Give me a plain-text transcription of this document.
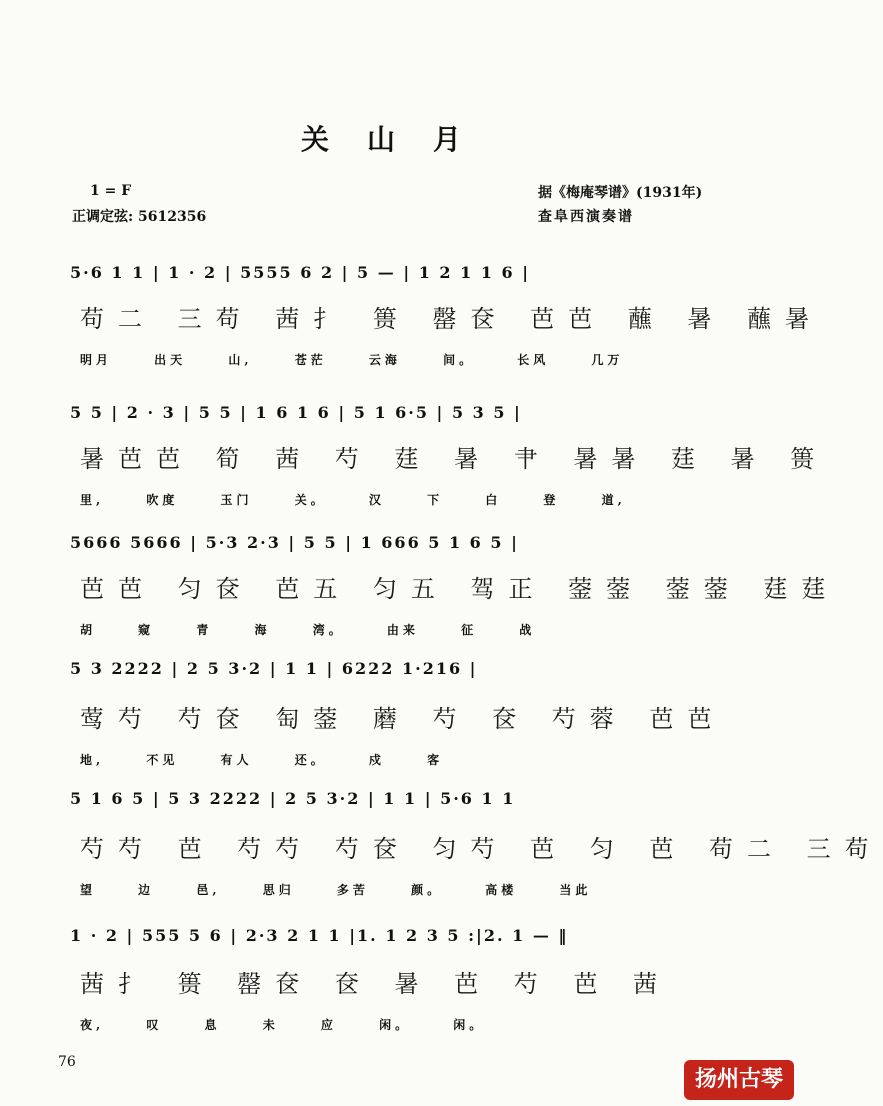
关山月
1 = F
正调定弦: 5612356
据《梅庵琴谱》(1931年)
查阜西演奏谱
5·6 1 1 | 1 · 2 | 5555 6 2 | 5 — | 1 2 1 1 6 |
苟二 三苟 茜扌 篑 罄奁 芭芭 蘸 暑 蘸暑
明月 出天 山, 苍茫 云海 间。 长风 几万
5 5 | 2 · 3 | 5 5 | 1 6 1 6 | 5 1 6·5 | 5 3 5 |
暑芭芭 筍 茜 芍 莛 暑 肀 暑暑 莛 暑 篑
里, 吹度 玉门 关。 汉 下 白 登 道,
5666 5666 | 5·3 2·3 | 5 5 | 1 666 5 1 6 5 |
芭芭 匀奁 芭五 匀五 驾正 蓥蓥 蓥蓥 莛莛
胡 窥 青 海 湾。 由来 征 战
5 3 2222 | 2 5 3·2 | 1 1 | 6222 1·216 |
莺芍 芍奁 匋蓥 蘑 芍 奁 芍蓉 芭芭
地, 不见 有人 还。 戍 客
5 1 6 5 | 5 3 2222 | 2 5 3·2 | 1 1 | 5·6 1 1
芍芍 芭 芍芍 芍奁 匀芍 芭 匀 芭 苟二 三苟
望 边 邑, 思归 多苦 颜。 高楼 当此
1 · 2 | 555 5 6 | 2·3 2 1 1 |1. 1 2 3 5 :|2. 1 — ‖
茜扌 篑 罄奁 奁 暑 芭 芍 芭 茜
夜, 叹 息 未 应 闲。 闲。
76
扬州古琴
